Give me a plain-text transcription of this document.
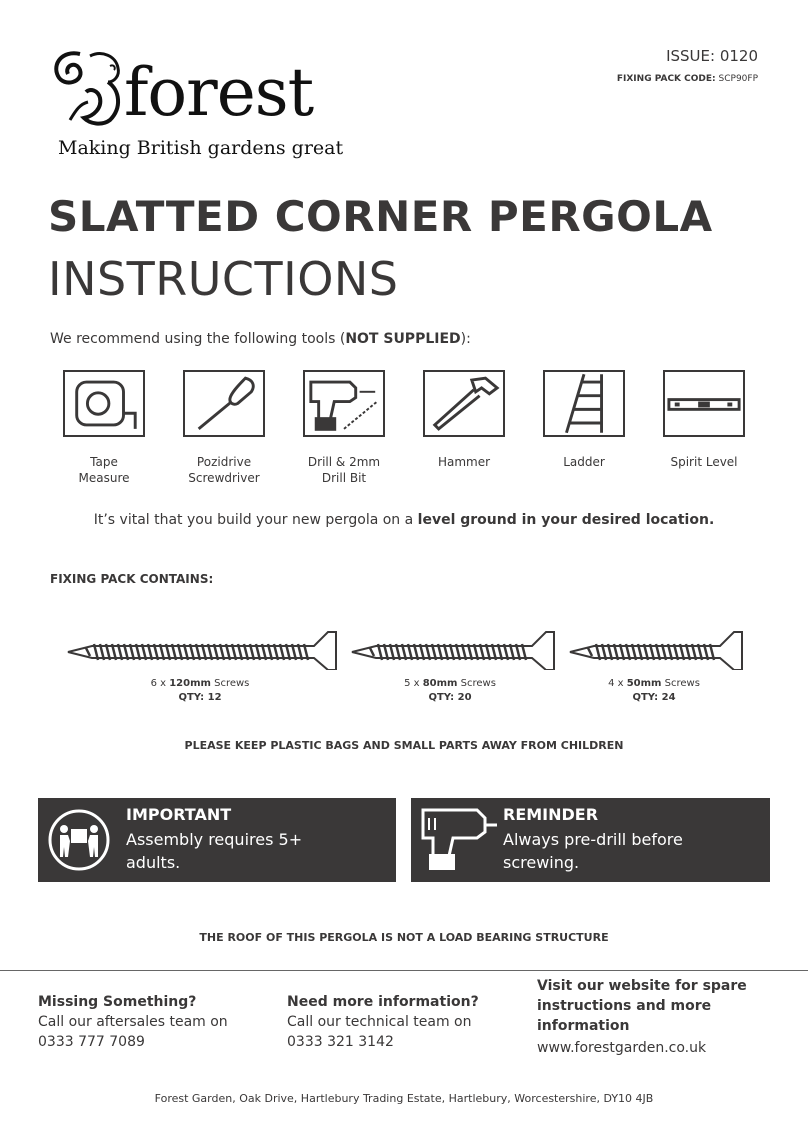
forest
Making British gardens great
ISSUE: 0120
FIXING PACK CODE: SCP90FP
SLATTED CORNER PERGOLA
INSTRUCTIONS
We recommend using the following tools (NOT SUPPLIED):
Tape Measure
Pozidrive Screwdriver
Drill & 2mm Drill Bit
Hammer	Ladder	Spirit Level
It’s vital that you build your new pergola on a level ground in your desired location.
FIXING PACK CONTAINS:
6 x 120mm Screws
QTY: 12
5 x 80mm Screws
QTY: 20
4 x 50mm Screws
QTY: 24
PLEASE KEEP PLASTIC BAGS AND SMALL PARTS AWAY FROM CHILDREN
IMPORTANT
Assembly requires 5+
adults.
REMINDER
Always pre-drill before
screwing.
THE ROOF OF THIS PERGOLA IS NOT A LOAD BEARING STRUCTURE
Missing Something?
Call our aftersales team on
0333 777 7089
Need more information?
Call our technical team on
0333 321 3142
Visit our website for spare
instructions and more
information
www.forestgarden.co.uk
Forest Garden, Oak Drive, Hartlebury Trading Estate, Hartlebury, Worcestershire, DY10 4JB
